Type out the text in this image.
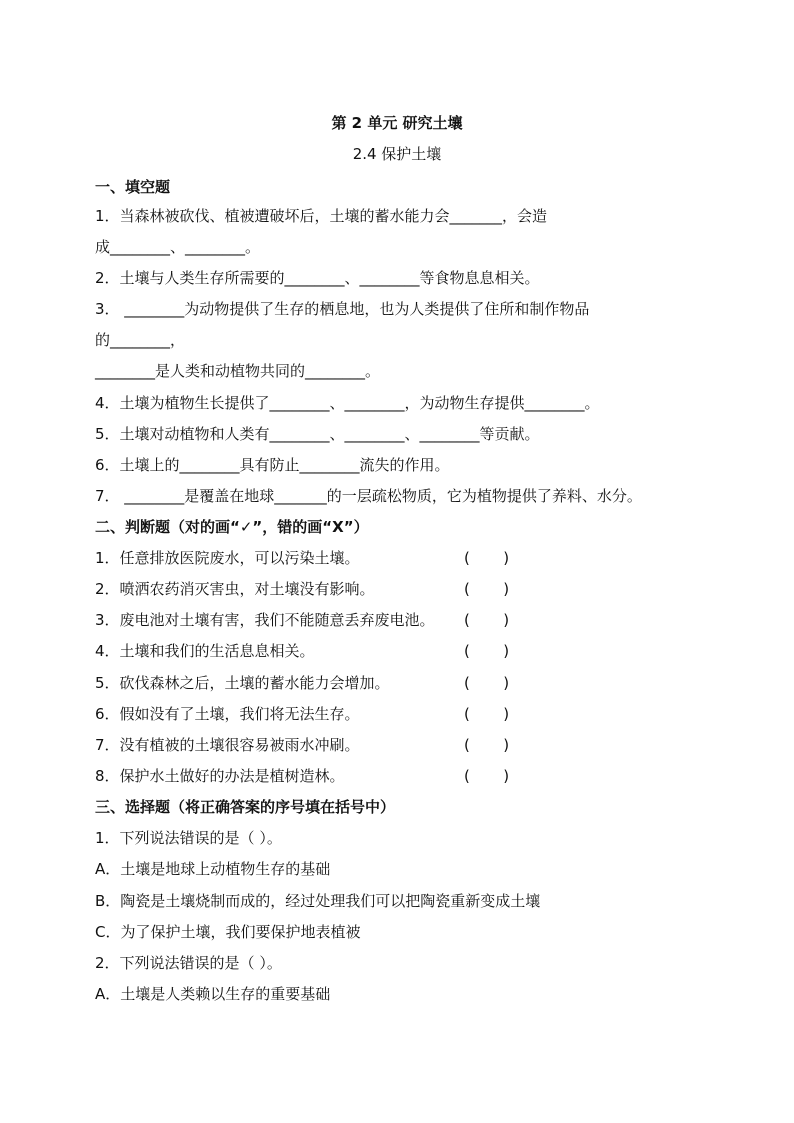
第 2 单元 研究土壤
2.4 保护土壤
一、填空题
1．当森林被砍伐、植被遭破坏后，土壤的蓄水能力会_______，会造
成________、________。
2．土壤与人类生存所需要的________、________等食物息息相关。
3． ________为动物提供了生存的栖息地，也为人类提供了住所和制作物品
的________，
________是人类和动植物共同的________。
4．土壤为植物生长提供了________、________，为动物生存提供________。
5．土壤对动植物和人类有________、________、________等贡献。
6．土壤上的________具有防止________流失的作用。
7． ________是覆盖在地球_______的一层疏松物质，它为植物提供了养料、水分。
二、判断题（对的画“✓”，错的画“X”）
1．任意排放医院废水，可以污染土壤。	(       )
2．喷洒农药消灭害虫，对土壤没有影响。	(       )
3．废电池对土壤有害，我们不能随意丢弃废电池。 (       )
4．土壤和我们的生活息息相关。	(       )
5．砍伐森林之后，土壤的蓄水能力会增加。	(       )
6．假如没有了土壤，我们将无法生存。	(       )
7．没有植被的土壤很容易被雨水冲刷。	(       )
8．保护水土做好的办法是植树造林。	(       )
三、选择题（将正确答案的序号填在括号中）
1．下列说法错误的是（ ）。
A．土壤是地球上动植物生存的基础
B．陶瓷是土壤烧制而成的，经过处理我们可以把陶瓷重新变成土壤
C．为了保护土壤，我们要保护地表植被
2．下列说法错误的是（ ）。
A．土壤是人类赖以生存的重要基础
